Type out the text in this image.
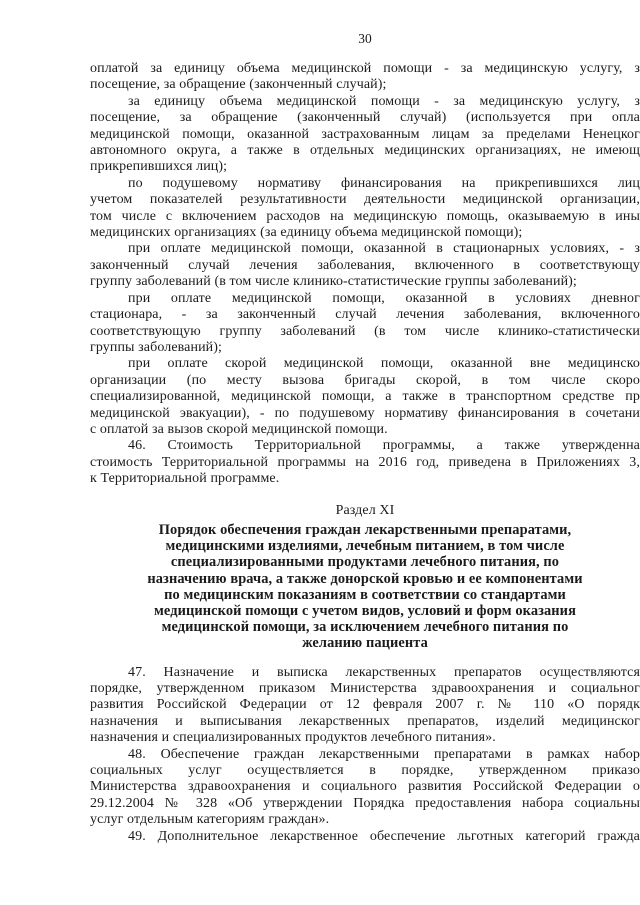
30
оплатой за единицу объема медицинской помощи - за медицинскую услугу, з
посещение, за обращение (законченный случай);
за единицу объема медицинской помощи - за медицинскую услугу, з
посещение, за обращение (законченный случай) (используется при опла
медицинской помощи, оказанной застрахованным лицам за пределами Ненецког
автономного округа, а также в отдельных медицинских организациях, не имеющ
прикрепившихся лиц);
по подушевому нормативу финансирования на прикрепившихся лиц
учетом показателей результативности деятельности медицинской организации,
том числе с включением расходов на медицинскую помощь, оказываемую в ины
медицинских организациях (за единицу объема медицинской помощи);
при оплате медицинской помощи, оказанной в стационарных условиях, - з
законченный случай лечения заболевания, включенного в соответствующу
группу заболеваний (в том числе клинико-статистические группы заболеваний);
при оплате медицинской помощи, оказанной в условиях дневног
стационара, - за законченный случай лечения заболевания, включенного
соответствующую группу заболеваний (в том числе клинико-статистически
группы заболеваний);
при оплате скорой медицинской помощи, оказанной вне медицинско
организации (по месту вызова бригады скорой, в том числе скоро
специализированной, медицинской помощи, а также в транспортном средстве пр
медицинской эвакуации), - по подушевому нормативу финансирования в сочетани
с оплатой за вызов скорой медицинской помощи.
46. Стоимость Территориальной программы, а также утвержденна
стоимость Территориальной программы на 2016 год, приведена в Приложениях 3,
к Территориальной программе.
Раздел XI
Порядок обеспечения граждан лекарственными препаратами,
медицинскими изделиями, лечебным питанием, в том числе
специализированными продуктами лечебного питания, по
назначению врача, а также донорской кровью и ее компонентами
по медицинским показаниям в соответствии со стандартами
медицинской помощи с учетом видов, условий и форм оказания
медицинской помощи, за исключением лечебного питания по
желанию пациента
47. Назначение и выписка лекарственных препаратов осуществляются
порядке, утвержденном приказом Министерства здравоохранения и социальног
развития Российской Федерации от 12 февраля 2007 г. № 110 «О порядк
назначения и выписывания лекарственных препаратов, изделий медицинског
назначения и специализированных продуктов лечебного питания».
48. Обеспечение граждан лекарственными препаратами в рамках набор
социальных услуг осуществляется в порядке, утвержденном приказо
Министерства здравоохранения и социального развития Российской Федерации о
29.12.2004 № 328 «Об утверждении Порядка предоставления набора социальны
услуг отдельным категориям граждан».
49. Дополнительное лекарственное обеспечение льготных категорий гражда
